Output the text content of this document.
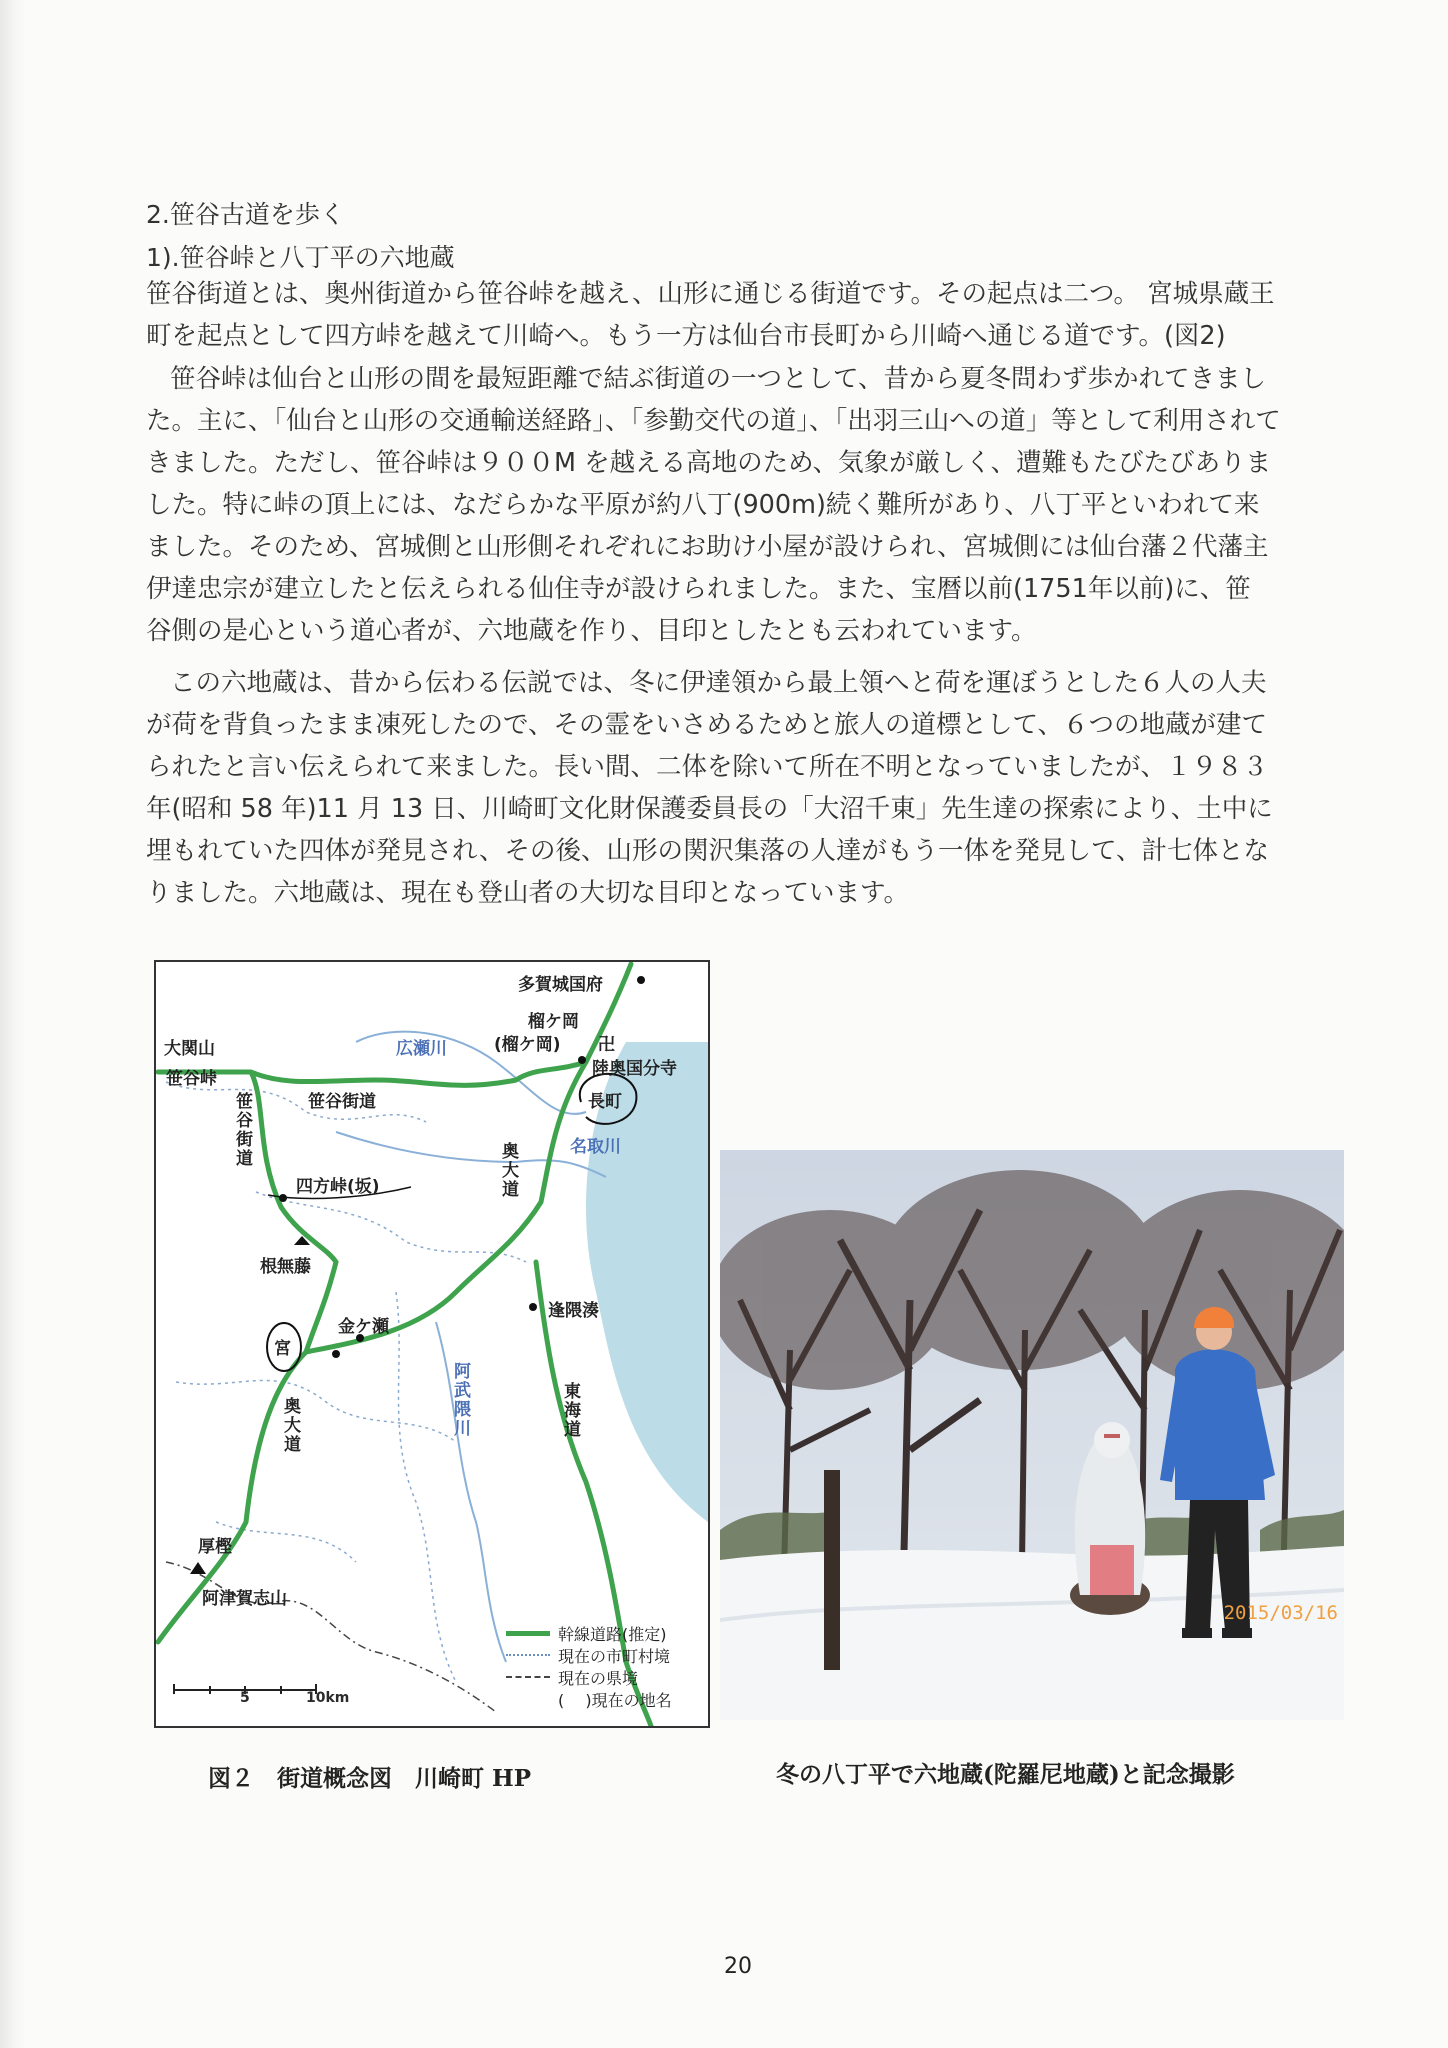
2.笹谷古道を歩く
1).笹谷峠と八丁平の六地蔵
笹谷街道とは、奥州街道から笹谷峠を越え、山形に通じる街道です。その起点は二つ。 宮城県蔵王
町を起点として四方峠を越えて川崎へ。もう一方は仙台市長町から川崎へ通じる道です。(図2)
笹谷峠は仙台と山形の間を最短距離で結ぶ街道の一つとして、昔から夏冬問わず歩かれてきまし
た。主に、「仙台と山形の交通輸送経路」、「参勤交代の道」、「出羽三山への道」等として利用されて
きました。ただし、笹谷峠は９００M を越える高地のため、気象が厳しく、遭難もたびたびありま
した。特に峠の頂上には、なだらかな平原が約八丁(900m)続く難所があり、八丁平といわれて来
ました。そのため、宮城側と山形側それぞれにお助け小屋が設けられ、宮城側には仙台藩２代藩主
伊達忠宗が建立したと伝えられる仙住寺が設けられました。また、宝暦以前(1751年以前)に、笹
谷側の是心という道心者が、六地蔵を作り、目印としたとも云われています。
この六地蔵は、昔から伝わる伝説では、冬に伊達領から最上領へと荷を運ぼうとした６人の人夫
が荷を背負ったまま凍死したので、その霊をいさめるためと旅人の道標として、６つの地蔵が建て
られたと言い伝えられて来ました。長い間、二体を除いて所在不明となっていましたが、１９８３
年(昭和 58 年)11 月 13 日、川崎町文化財保護委員長の「大沼千東」先生達の探索により、土中に
埋もれていた四体が発見され、その後、山形の関沢集落の人達がもう一体を発見して、計七体とな
りました。六地蔵は、現在も登山者の大切な目印となっています。
多賀城国府
榴ケ岡
(榴ケ岡)
大関山	広瀬川	卍
陸奥国分寺
笹谷峠
笹谷街道
笹谷街道	長町
名取川
奥大道
四方峠(坂)
根無藤
逢隈湊
金ケ瀬
宮
阿武隈川	東海道
奥大道
厚樫
阿津賀志山
幹線道路(推定)
現在の市町村境
現在の県境
(　 )現在の地名
5	10km
2015/03/16
図２　街道概念図　川崎町 HP	冬の八丁平で六地蔵(陀羅尼地蔵)と記念撮影
20
